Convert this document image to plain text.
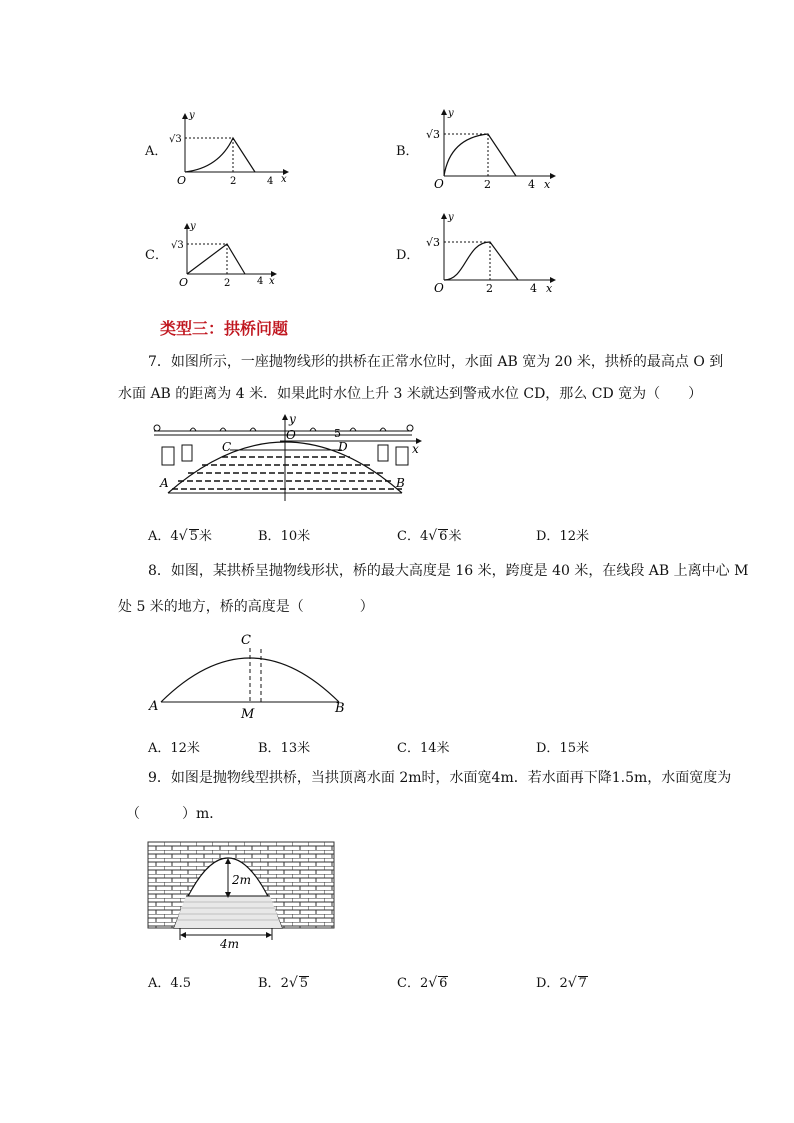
A．
y
√3
O	2	4 x
B．
y
√3
O	2	4 x
C．
y
√3
O	2	4 x
D．
y
√3
O	2	4 x
类型三：拱桥问题
7．如图所示，一座抛物线形的拱桥在正常水位时，水面 AB 宽为 20 米，拱桥的最高点 O 到
水面 AB 的距离为 4 米．如果此时水位上升 3 米就达到警戒水位 CD，那么 CD 宽为（　　）
y
O	5
C	D	x
A	B
A．4√ 5米	B．10米	C．4√ 6米	D．12米
8．如图，某拱桥呈抛物线形状，桥的最大高度是 16 米，跨度是 40 米，在线段 AB 上离中心 M
处 5 米的地方，桥的高度是（　　　　）
C
A
M	B
A．12米	B．13米	C．14米	D．15米
9．如图是抛物线型拱桥，当拱顶离水面 2m时，水面宽4m．若水面再下降1.5m，水面宽度为
（　　　）m．
2m
4m
A．4.5	B．2√ 5	C．2√ 6	D．2√ 7
